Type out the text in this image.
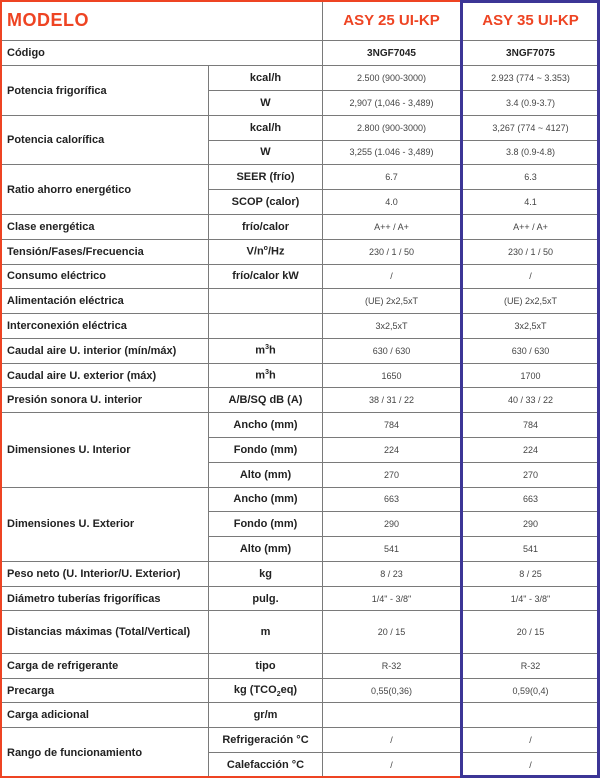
MODELO		ASY 25 UI-KP	ASY 35 UI-KP
Código		3NGF7045	3NGF7075
Potencia frigorífica	kcal/h	2.500 (900-3000)	2.923 (774 ~ 3.353)
	W	2,907 (1,046 - 3,489)	3.4 (0.9-3.7)
Potencia calorífica	kcal/h	2.800 (900-3000)	3,267 (774 ~ 4127)
	W	3,255 (1.046 - 3,489)	3.8 (0.9-4.8)
Ratio ahorro energético	SEER (frío)	6.7	6.3
	SCOP (calor)	4.0	4.1
Clase energética	frío/calor	A++ / A+	A++ / A+
Tensión/Fases/Frecuencia	$V/n^o/Hz$	230 / 1 / 50	230 / 1 / 50
Consumo eléctrico	frío/calor kW	/	/
Alimentación eléctrica		(UE) 2x2,5xT	(UE) 2x2,5xT
Interconexión eléctrica		3x2,5xT	3x2,5xT
Caudal aire U. interior (mín/máx)	$m^3h$	630 / 630	630 / 630
Caudal aire U. exterior (máx)	$m^3h$	1650	1700
Presión sonora U. interior	A/B/SQ dB (A)	38 / 31 / 22	40 / 33 / 22
Dimensiones U. Interior	Ancho (mm)	784	784
	Fondo (mm)	224	224
	Alto (mm)	270	270
Dimensiones U. Exterior	Ancho (mm)	663	663
	Fondo (mm)	290	290
	Alto (mm)	541	541
Peso neto (U. Interior/U. Exterior)	kg	8 / 23	8 / 25
Diámetro tuberías frigoríficas	pulg.	1/4" - 3/8"	1/4" - 3/8"
Distancias máximas (Total/Vertical)	m	20 / 15	20 / 15
Carga de refrigerante	tipo	R-32	R-32
Precarga	kg $(TCO_2eq)$	0,55(0,36)	0,59(0,4)
Carga adicional	gr/m		
Rango de funcionamiento	Refrigeración °C	/	/
	Calefacción °C	/	/
